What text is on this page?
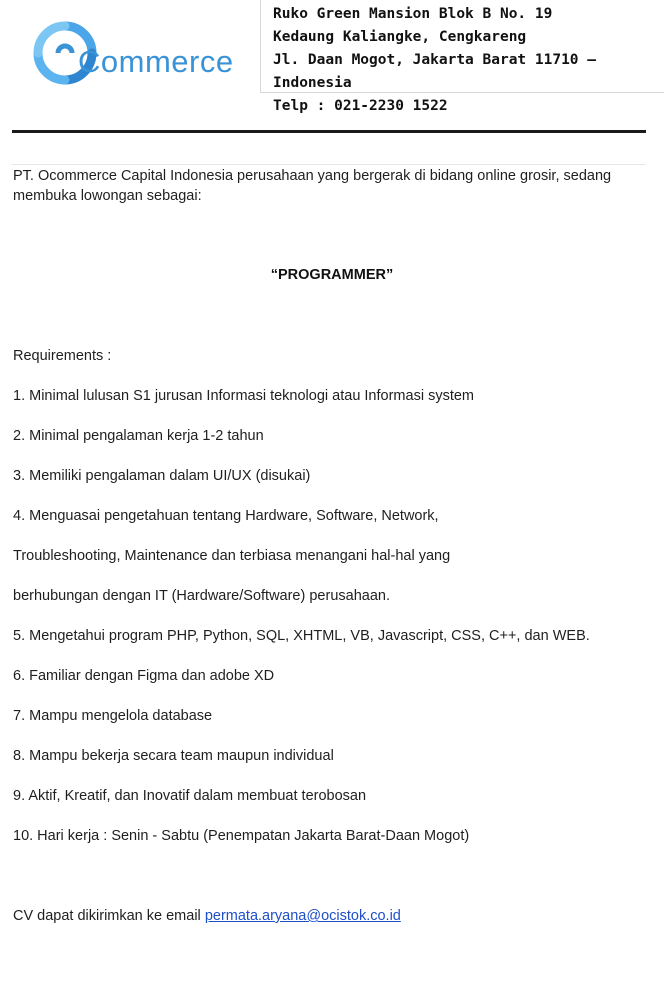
Commerce
Ruko Green Mansion Blok B No. 19
Kedaung Kaliangke, Cengkareng
Jl. Daan Mogot, Jakarta Barat 11710 –
Indonesia
Telp : 021-2230 1522
PT. Ocommerce Capital Indonesia perusahaan yang bergerak di bidang online grosir, sedang
membuka lowongan sebagai:
“PROGRAMMER”
Requirements :
1. Minimal lulusan S1 jurusan Informasi teknologi atau Informasi system
2. Minimal pengalaman kerja 1-2 tahun
3. Memiliki pengalaman dalam UI/UX (disukai)
4. Menguasai pengetahuan tentang Hardware, Software, Network,
Troubleshooting, Maintenance dan terbiasa menangani hal-hal yang
berhubungan dengan IT (Hardware/Software) perusahaan.
5. Mengetahui program PHP, Python, SQL, XHTML, VB, Javascript, CSS, C++, dan WEB.
6. Familiar dengan Figma dan adobe XD
7. Mampu mengelola database
8. Mampu bekerja secara team maupun individual
9. Aktif, Kreatif, dan Inovatif dalam membuat terobosan
10. Hari kerja : Senin - Sabtu (Penempatan Jakarta Barat-Daan Mogot)
CV dapat dikirimkan ke email permata.aryana@ocistok.co.id
